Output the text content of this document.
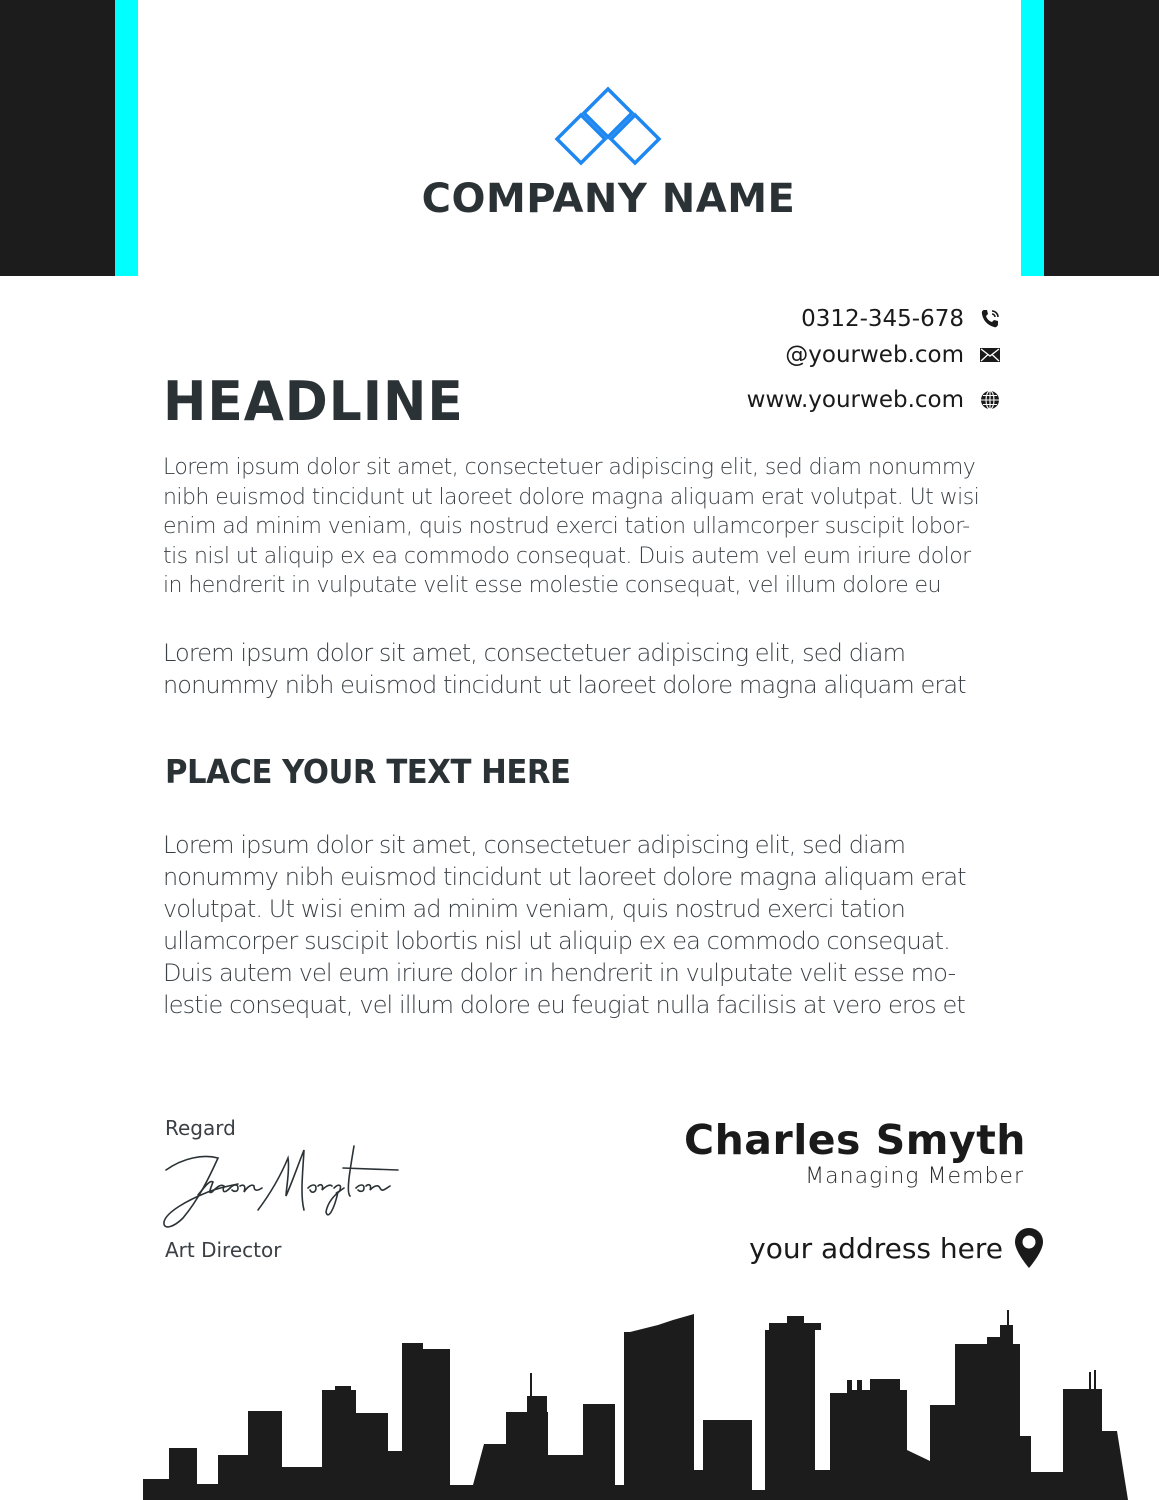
COMPANY NAME
0312-345-678
@yourweb.com
www.yourweb.com
HEADLINE
Lorem ipsum dolor sit amet, consectetuer adipiscing elit, sed diam nonummy
nibh euismod tincidunt ut laoreet dolore magna aliquam erat volutpat. Ut wisi
enim ad minim veniam, quis nostrud exerci tation ullamcorper suscipit lobor-
tis nisl ut aliquip ex ea commodo consequat. Duis autem vel eum iriure dolor
in hendrerit in vulputate velit esse molestie consequat, vel illum dolore eu
Lorem ipsum dolor sit amet, consectetuer adipiscing elit, sed diam
nonummy nibh euismod tincidunt ut laoreet dolore magna aliquam erat
PLACE YOUR TEXT HERE
Lorem ipsum dolor sit amet, consectetuer adipiscing elit, sed diam
nonummy nibh euismod tincidunt ut laoreet dolore magna aliquam erat
volutpat. Ut wisi enim ad minim veniam, quis nostrud exerci tation
ullamcorper suscipit lobortis nisl ut aliquip ex ea commodo consequat.
Duis autem vel eum iriure dolor in hendrerit in vulputate velit esse mo-
lestie consequat, vel illum dolore eu feugiat nulla facilisis at vero eros et
Regard
Art Director
Charles Smyth
Managing Member
your address here
